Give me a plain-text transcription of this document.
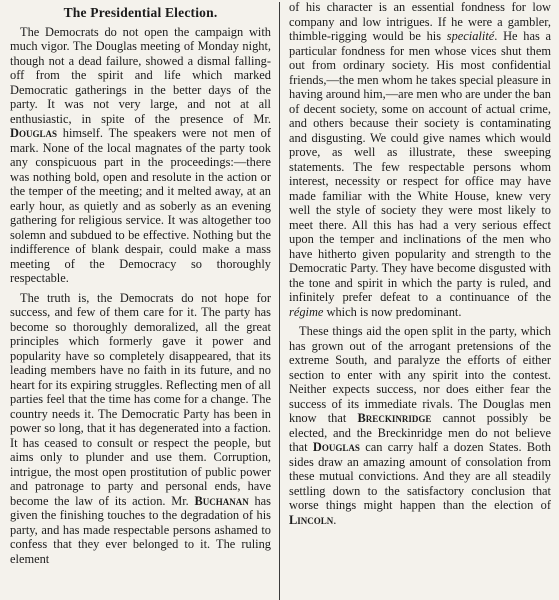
The Presidential Election.

The Democrats do not open the campaign with much vigor. The Douglas meeting of Monday night, though not a dead failure, showed a dismal falling-off from the spirit and life which marked Democratic gatherings in the better days of the party. It was not very large, and not at all enthusiastic, in spite of the presence of Mr. Douglas himself. The speakers were not men of mark. None of the local magnates of the party took any conspicuous part in the proceedings:—there was nothing bold, open and resolute in the action or the temper of the meeting; and it melted away, at an early hour, as quietly and as soberly as an evening gathering for religious service. It was altogether too solemn and subdued to be effective. Nothing but the indifference of blank despair, could make a mass meeting of the Democracy so thoroughly respectable.

The truth is, the Democrats do not hope for success, and few of them care for it. The party has become so thoroughly demoralized, all the great principles which formerly gave it power and popularity have so completely disappeared, that its leading members have no faith in its future, and no heart for its expiring struggles. Reflecting men of all parties feel that the time has come for a change. The country needs it. The Democratic Party has been in power so long, that it has degenerated into a faction. It has ceased to consult or respect the people, but aims only to plunder and use them. Corruption, intrigue, the most open prostitution of public power and patronage to party and personal ends, have become the law of its action. Mr. Buchanan has given the finishing touches to the degradation of his party, and has made respectable persons ashamed to confess that they ever belonged to it. The ruling element

of his character is an essential fondness for low company and low intrigues. If he were a gambler, thimble-rigging would be his specialité. He has a particular fondness for men whose vices shut them out from ordinary society. His most confidential friends,—the men whom he takes special pleasure in having around him,—are men who are under the ban of decent society, some on account of actual crime, and others because their society is contaminating and disgusting. We could give names which would prove, as well as illustrate, these sweeping statements. The few respectable persons whom interest, necessity or respect for office may have made familiar with the White House, knew very well the style of society they were most likely to meet there. All this has had a very serious effect upon the temper and inclinations of the men who have hitherto given popularity and strength to the Democratic Party. They have become disgusted with the tone and spirit in which the party is ruled, and infinitely prefer defeat to a continuance of the régime which is now predominant.

These things aid the open split in the party, which has grown out of the arrogant pretensions of the extreme South, and paralyze the efforts of either section to enter with any spirit into the contest. Neither expects success, nor does either fear the success of its immediate rivals. The Douglas men know that Breckinridge cannot possibly be elected, and the Breckinridge men do not believe that Douglas can carry half a dozen States. Both sides draw an amazing amount of consolation from these mutual convictions. And they are all steadily settling down to the satisfactory conclusion that worse things might happen than the election of Lincoln.
